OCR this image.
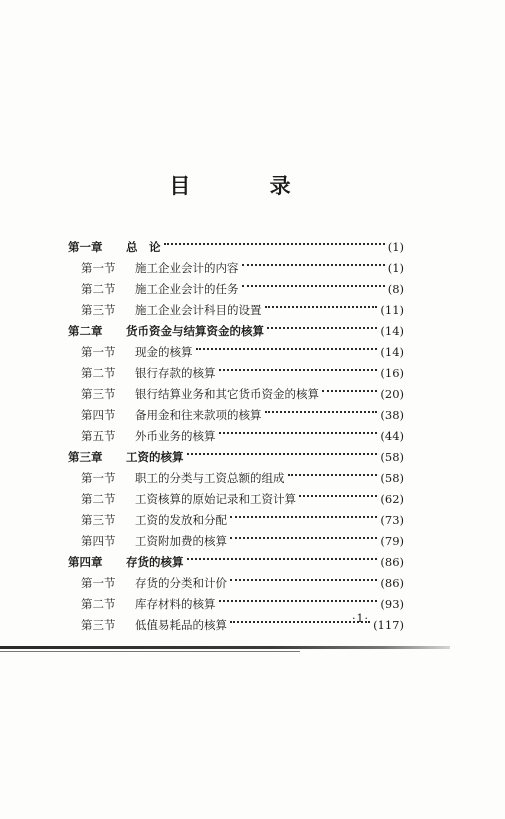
目 录
第一章	总　论	(1)
第一节	施工企业会计的内容	(1)
第二节	施工企业会计的任务	(8)
第三节	施工企业会计科目的设置	(11)
第二章	货币资金与结算资金的核算	(14)
第一节	现金的核算	(14)
第二节	银行存款的核算	(16)
第三节	银行结算业务和其它货币资金的核算	(20)
第四节	备用金和往来款项的核算	(38)
第五节	外币业务的核算	(44)
第三章	工资的核算	(58)
第一节	职工的分类与工资总额的组成	(58)
第二节	工资核算的原始记录和工资计算	(62)
第三节	工资的发放和分配	(73)
第四节	工资附加费的核算	(79)
第四章	存货的核算	(86)
第一节	存货的分类和计价	(86)
第二节	库存材料的核算	(93)
第三节	低值易耗品的核算	(117)
·1·
